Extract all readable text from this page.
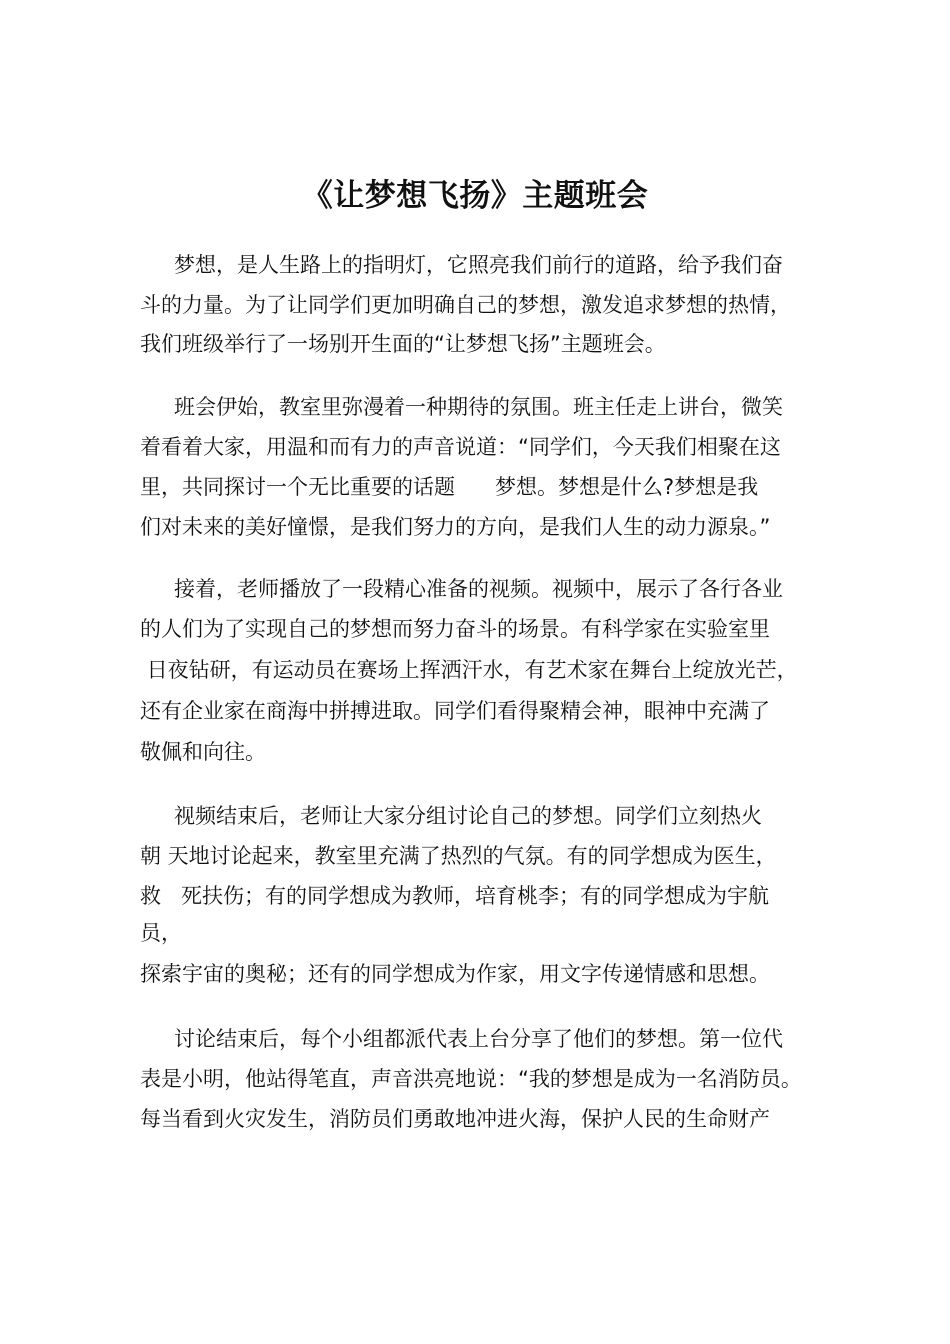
《让梦想飞扬》主题班会
梦想，是人生路上的指明灯，它照亮我们前行的道路，给予我们奋
斗的力量。为了让同学们更加明确自己的梦想，激发追求梦想的热情，
我们班级举行了一场别开生面的“让梦想飞扬”主题班会。
班会伊始，教室里弥漫着一种期待的氛围。班主任走上讲台，微笑
着看着大家，用温和而有力的声音说道：“同学们，今天我们相聚在这
里，共同探讨一个无比重要的话题      梦想。梦想是什么?梦想是我
们对未来的美好憧憬，是我们努力的方向，是我们人生的动力源泉。”
接着，老师播放了一段精心准备的视频。视频中，展示了各行各业
的人们为了实现自己的梦想而努力奋斗的场景。有科学家在实验室里
日夜钻研，有运动员在赛场上挥洒汗水，有艺术家在舞台上绽放光芒，
还有企业家在商海中拼搏进取。同学们看得聚精会神，眼神中充满了
敬佩和向往。
视频结束后，老师让大家分组讨论自己的梦想。同学们立刻热火
朝 天地讨论起来，教室里充满了热烈的气氛。有的同学想成为医生，
救   死扶伤；有的同学想成为教师，培育桃李；有的同学想成为宇航
员，
探索宇宙的奥秘；还有的同学想成为作家，用文字传递情感和思想。
讨论结束后，每个小组都派代表上台分享了他们的梦想。第一位代
表是小明，他站得笔直，声音洪亮地说：“我的梦想是成为一名消防员。
每当看到火灾发生，消防员们勇敢地冲进火海，保护人民的生命财产
